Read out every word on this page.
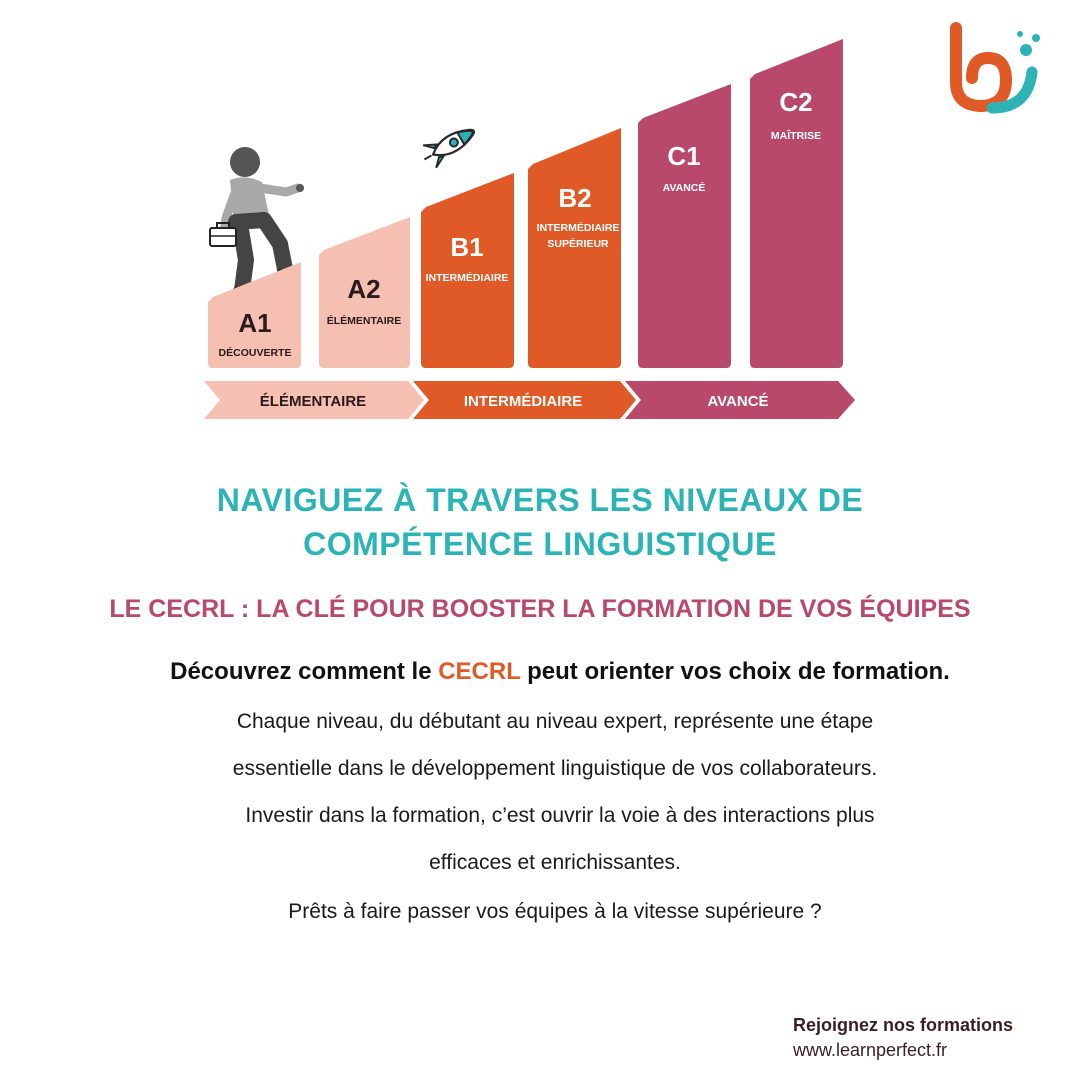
A1
DÉCOUVERTE
A2
ÉLÉMENTAIRE
B1
INTERMÉDIAIRE
B2
INTERMÉDIAIRE
SUPÉRIEUR
C1
AVANCÉ
C2
MAÎTRISE
ÉLÉMENTAIRE	INTERMÉDIAIRE	AVANCÉ
NAVIGUEZ À TRAVERS LES NIVEAUX DE
COMPÉTENCE LINGUISTIQUE
LE CECRL : LA CLÉ POUR BOOSTER LA FORMATION DE VOS ÉQUIPES
Découvrez comment le CECRL peut orienter vos choix de formation.
Chaque niveau, du débutant au niveau expert, représente une étape
essentielle dans le développement linguistique de vos collaborateurs.
Investir dans la formation, c’est ouvrir la voie à des interactions plus
efficaces et enrichissantes.
Prêts à faire passer vos équipes à la vitesse supérieure ?
Rejoignez nos formations
www.learnperfect.fr
